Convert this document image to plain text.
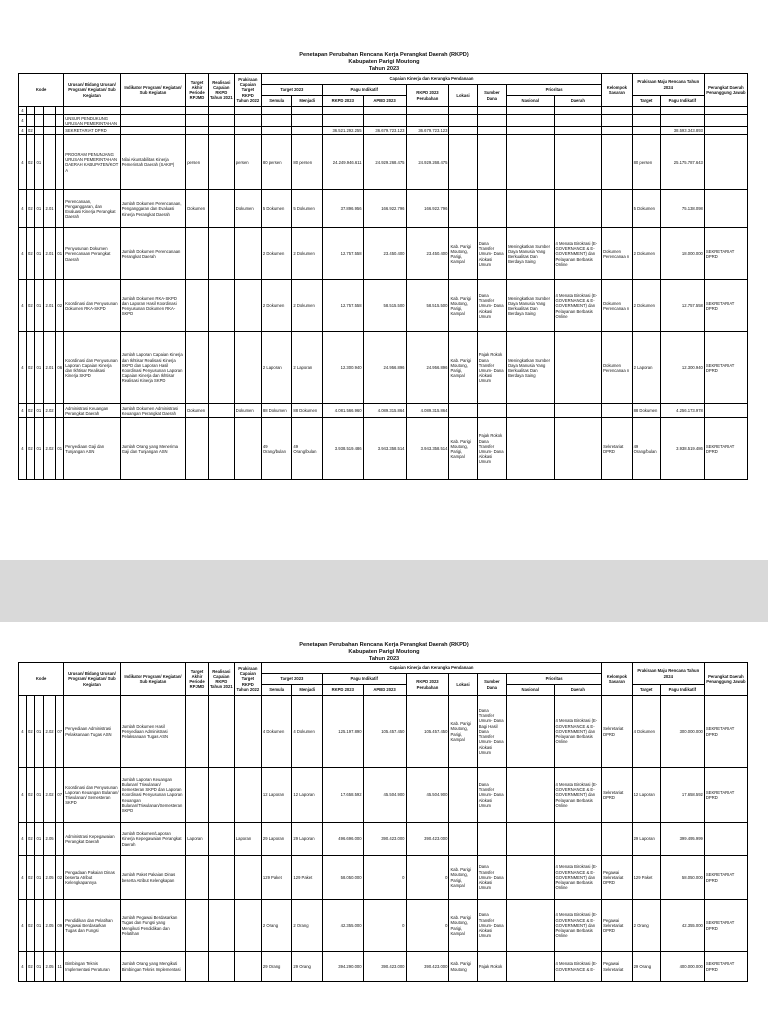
Penetapan Perubahan Rencana Kerja Perangkat Daerah (RKPD)
Kabupaten Parigi Moutong
Tahun 2023
Kode					Urusan/ Bidang Urusan/ Program/ Kegiatan/ Sub Kegiatan	Indikator Program/ Kegiatan/ Sub Kegiatan	Target Akhir Periode RPJMD	Realisasi Capaian RKPD Tahun 2021	Prakiraan Capaian Target RKPD Tahun 2022	Capaian Kinerja dan Kerangka Pendanaan									Kelompok Sasaran	Prakiraan Maju Rencana Tahun 2024		Perangkat Daerah Penanggung Jawab
										Target 2023		Pagu Indikatif		RKPD 2023 Perubahan	Lokasi	Sumber Dana	Prioritas					
										Semula	Menjadi	RKPD 2023	APBD 2023				Nasional	Daerah		Target	Pagu Indikatif	
4																						
4					UNSUR PENDUKUNG URUSAN PEMERINTAHAN																	
4	02				SEKRETARIAT DPRD							36.521.292.255	36.679.723.123	36.679.723.123							38.593.343.893	
4	02	01			PROGRAM PENUNJANG URUSAN PEMERINTAHAN DAERAH KABUPATEN/KOT A	Nilai Akuntabilitas Kinerja Pemerintah Daerah (SAKIP)	persen		persen	80 persen	80 persen	24.249.946.611	24.929.268.475	24.929.268.475						80 persen	25.175.787.643	
4	02	01	2.01		Perencanaan, Penganggaran, dan Evaluasi Kinerja Perangkat Daerah	Jumlah Dokumen Perencanaan, Penganggaran dan Evaluasi Kinerja Perangkat Daerah	Dokumen		Dokumen	5 Dokumen	5 Dokumen	37.896.956	166.922.796	166.922.796						5 Dokumen	75.138.098	
4	02	01	2.01	01	Penyusunan Dokumen Perencanaan Perangkat Daerah	Jumlah Dokumen Perencanaan Perangkat Daerah				2 Dokumen	2 Dokumen	12.757.558	23.450.400	23.450.400	Kab. Parigi Moutong, Parigi, Kampal	Dana Transfer Umum- Dana Alokasi Umum	Meningkatkan Sumber Daya Manusia Yang Berkualitas Dan Berdaya Saing	4 Menata Birokrasi (E-GOVERNANCE & E-GOVERNMENT) dan Pelayanan Berbasis Online	Dokumen Perencanaa n	2 Dokumen	18.000.000	SEKRETARIAT DPRD
4	02	01	2.01	02	Koordinasi dan Penyusunan Dokumen RKA-SKPD	Jumlah Dokumen RKA-SKPD dan Laporan Hasil Koordinasi Penyusunan Dokumen RKA-SKPD				2 Dokumen	2 Dokumen	12.757.558	58.515.500	58.515.500	Kab. Parigi Moutong, Parigi, Kampal	Dana Transfer Umum- Dana Alokasi Umum	Meningkatkan Sumber Daya Manusia Yang Berkualitas Dan Berdaya Saing	4 Menata Birokrasi (E-GOVERNANCE & E-GOVERNMENT) dan Pelayanan Berbasis Online	Dokumen Perencanaa n	2 Dokumen	12.757.558	SEKRETARIAT DPRD
4	02	01	2.01	06	Koordinasi dan Penyusunan Laporan Capaian Kinerja dan Ikhtisar Realisasi Kinerja SKPD	Jumlah Laporan Capaian Kinerja dan Ikhtisar Realisasi Kinerja SKPD dan Laporan Hasil Koordinasi Penyusunan Laporan Capaian Kinerja dan Ikhtisar Realisasi Kinerja SKPD				2 Laporan	2 Laporan	12.300.940	24.956.896	24.956.896	Kab. Parigi Moutong, Parigi, Kampal	Pajak Rokok Dana Transfer Umum- Dana Alokasi Umum	Meningkatkan Sumber Daya Manusia Yang Berkualitas Dan Berdaya Saing		Dokumen Perencanaa n	2 Laporan	12.300.940	SEKRETARIAT DPRD
4	02	01	2.02		Administrasi Keuangan Perangkat Daerah	Jumlah Dokumen Administrasi Keuangan Perangkat Daerah	Dokumen		Dokumen	88 Dokumen	88 Dokumen	4.081.566.960	4.089.315.864	4.089.315.864						88 Dokumen	4.256.173.978	
4	02	01	2.02	01	Penyediaan Gaji dan Tunjangan ASN	Jumlah Orang yang Menerima Gaji dan Tunjangan ASN				49 Orang/bulan	49 Orang/bulan	3.938.519.486	3.943.358.514	3.943.358.514	Kab. Parigi Moutong, Parigi, Kampal	Pajak Rokok Dana Transfer Umum- Dana Alokasi Umum			Sekretariat DPRD	49 Orang/bulan	3.938.519.486	SEKRETARIAT DPRD
Penetapan Perubahan Rencana Kerja Perangkat Daerah (RKPD)
Kabupaten Parigi Moutong
Tahun 2023
Kode					Urusan/ Bidang Urusan/ Program/ Kegiatan/ Sub Kegiatan	Indikator Program/ Kegiatan/ Sub Kegiatan	Target Akhir Periode RPJMD	Realisasi Capaian RKPD Tahun 2021	Prakiraan Capaian Target RKPD Tahun 2022	Capaian Kinerja dan Kerangka Pendanaan									Kelompok Sasaran	Prakiraan Maju Rencana Tahun 2024		Perangkat Daerah Penanggung Jawab
										Target 2023		Pagu Indikatif		RKPD 2023 Perubahan	Lokasi	Sumber Dana	Prioritas					
										Semula	Menjadi	RKPD 2023	APBD 2023				Nasional	Daerah		Target	Pagu Indikatif	
4	02	01	2.02	07	Penyediaan Administrasi Pelaksanaan Tugas ASN	Jumlah Dokumen Hasil Penyediaan Administrasi Pelaksanaan Tugas ASN				4 Dokumen	4 Dokumen	125.197.890	105.457.450	105.457.450	Kab. Parigi Moutong, Parigi, Kampal	Dana Transfer Umum- Dana Bagi Hasil Dana Transfer Umum- Dana Alokasi Umum		4 Menata Birokrasi (E-GOVERNANCE & E-GOVERNMENT) dan Pelayanan Berbasis Online	Sekretariat DPRD	4 Dokumen	300.000.000	SEKRETARIAT DPRD
4	02	01	2.02	07	Koordinasi dan Penyusunan Laporan Keuangan Bulanan/ Triwulanan/ Semesteran SKPD	Jumlah Laporan Keuangan Bulanan/ Triwulanan/ Semesteran SKPD dan Laporan Koordinasi Penyusunan Laporan Keuangan Bulanan/Triwulanan/Semesteran SKPD				12 Laporan	12 Laporan	17.658.592	45.504.900	45.504.900		Dana Transfer Umum- Dana Alokasi Umum		4 Menata Birokrasi (E-GOVERNANCE & E-GOVERNMENT) dan Pelayanan Berbasis Online	Sekretariat DPRD	12 Laporan	17.658.592	SEKRETARIAT DPRD
4	02	01	2.05		Administrasi Kepegawaian Perangkat Daerah	Jumlah Dokumen/Laporan Kinerja Kepegawaian Perangkat Daerah	Laporan		Laporan	29 Laporan	29 Laporan	496.696.000	390.423.000	390.423.000						29 Laporan	399.495.999	
4	02	01	2.05	02	Pengadaan Pakaian Dinas beserta Atribut Kelengkapannya	Jumlah Paket Pakaian Dinas beserta Atribut Kelengkapan				129 Paket	129 Paket	58.050.000	0	0	Kab. Parigi Moutong, Parigi, Kampal	Dana Transfer Umum- Dana Alokasi Umum		4 Menata Birokrasi (E-GOVERNANCE & E-GOVERNMENT) dan Pelayanan Berbasis Online	Pegawai Sekretariat DPRD	129 Paket	58.050.000	SEKRETARIAT DPRD
4	02	01	2.05	09	Pendidikan dan Pelatihan Pegawai Berdasarkan Tugas dan Fungsi	Jumlah Pegawai Berdasarkan Tugas dan Fungsi yang Mengikuti Pendidikan dan Pelatihan				2 Orang	2 Orang	42.355.000	0	0	Kab. Parigi Moutong, Parigi, Kampal	Dana Transfer Umum- Dana Alokasi Umum		4 Menata Birokrasi (E-GOVERNANCE & E-GOVERNMENT) dan Pelayanan Berbasis Online	Pegawai Sekretariat DPRD	2 Orang	42.355.000	SEKRETARIAT DPRD
4	02	01	2.05	11	Bimbingan Teknis Implementasi Peraturan	Jumlah Orang yang Mengikuti Bimbingan Teknis Implementasi				29 Orang	29 Orang	394.290.000	390.423.000	390.423.000	Kab. Parigi Moutong	Pajak Rokok		4 Menata Birokrasi (E-GOVERNANCE & E-	Pegawai Sekretariat	29 Orang	400.000.000	SEKRETARIAT DPRD
